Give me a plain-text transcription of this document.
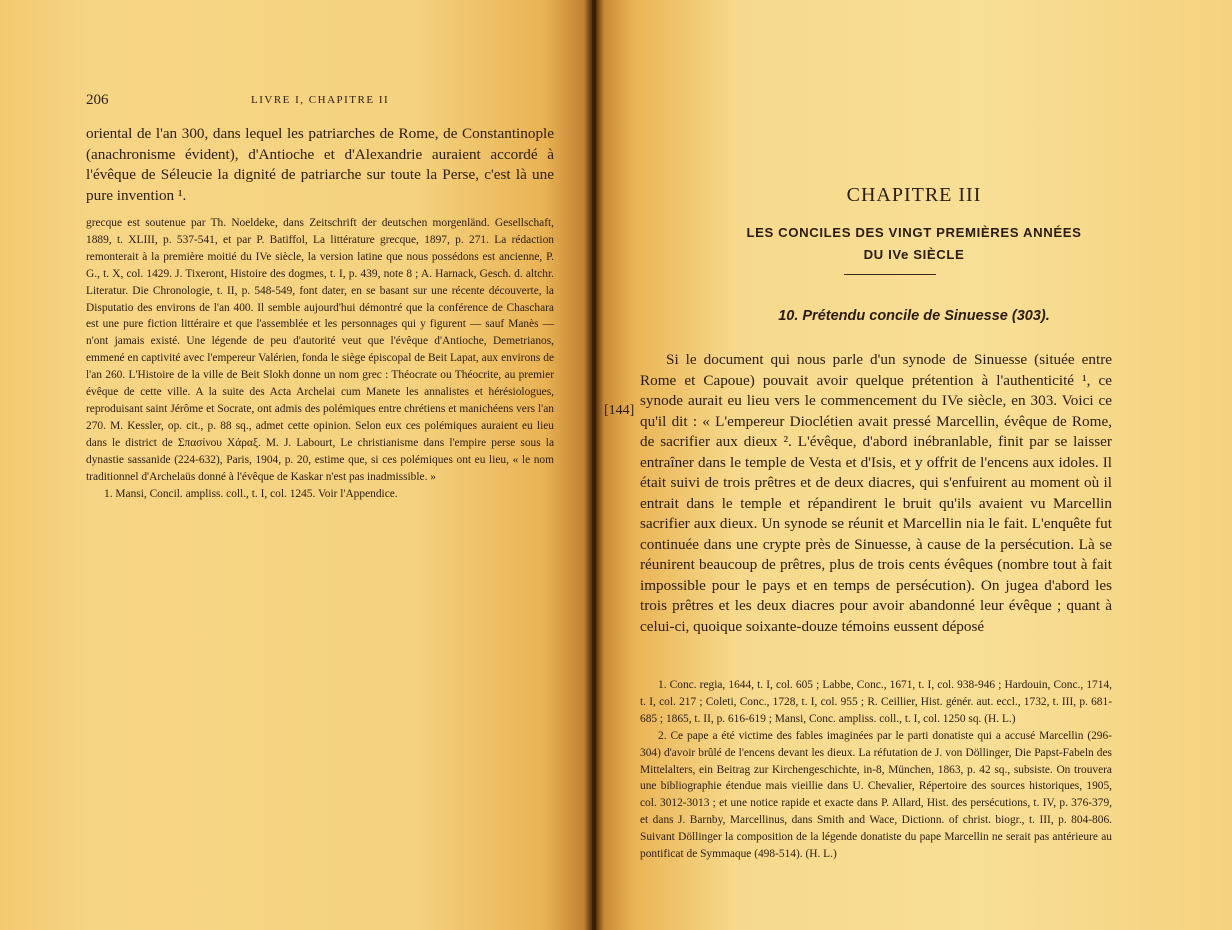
206	LIVRE I, CHAPITRE II

oriental de l'an 300, dans lequel les patriarches de Rome, de Constantinople (anachronisme évident), d'Antioche et d'Alexandrie auraient accordé à l'évêque de Séleucie la dignité de patriarche sur toute la Perse, c'est là une pure invention ¹.

grecque est soutenue par Th. Noeldeke, dans Zeitschrift der deutschen morgenländ. Gesellschaft, 1889, t. XLIII, p. 537-541, et par P. Batiffol, La littérature grecque, 1897, p. 271. La rédaction remonterait à la première moitié du IVe siècle, la version latine que nous possédons est ancienne, P. G., t. X, col. 1429. J. Tixeront, Histoire des dogmes, t. I, p. 439, note 8 ; A. Harnack, Gesch. d. altchr. Literatur. Die Chronologie, t. II, p. 548-549, font dater, en se basant sur une récente découverte, la Disputatio des environs de l'an 400. Il semble aujourd'hui démontré que la conférence de Chaschara est une pure fiction littéraire et que l'assemblée et les personnages qui y figurent — sauf Manès — n'ont jamais existé. Une légende de peu d'autorité veut que l'évêque d'Antioche, Demetrianos, emmené en captivité avec l'empereur Valérien, fonda le siège épiscopal de Beit Lapat, aux environs de l'an 260. L'Histoire de la ville de Beit Slokh donne un nom grec : Théocrate ou Théocrite, au premier évêque de cette ville. A la suite des Acta Archelai cum Manete les annalistes et hérésiologues, reproduisant saint Jérôme et Socrate, ont admis des polémiques entre chrétiens et manichéens vers l'an 270. M. Kessler, op. cit., p. 88 sq., admet cette opinion. Selon eux ces polémiques auraient eu lieu dans le district de Σπασίνου Χάραξ. M. J. Labourt, Le christianisme dans l'empire perse sous la dynastie sassanide (224-632), Paris, 1904, p. 20, estime que, si ces polémiques ont eu lieu, « le nom traditionnel d'Archelaüs donné à l'évêque de Kaskar n'est pas inadmissible. »

1. Mansi, Concil. ampliss. coll., t. I, col. 1245. Voir l'Appendice.

CHAPITRE III
LES CONCILES DES VINGT PREMIÈRES ANNÉES
DU IVe SIÈCLE
10. Prétendu concile de Sinuesse (303).
[144]

Si le document qui nous parle d'un synode de Sinuesse (située entre Rome et Capoue) pouvait avoir quelque prétention à l'authenticité ¹, ce synode aurait eu lieu vers le commencement du IVe siècle, en 303. Voici ce qu'il dit : « L'empereur Dioclétien avait pressé Marcellin, évêque de Rome, de sacrifier aux dieux ². L'évêque, d'abord inébranlable, finit par se laisser entraîner dans le temple de Vesta et d'Isis, et y offrit de l'encens aux idoles. Il était suivi de trois prêtres et de deux diacres, qui s'enfuirent au moment où il entrait dans le temple et répandirent le bruit qu'ils avaient vu Marcellin sacrifier aux dieux. Un synode se réunit et Marcellin nia le fait. L'enquête fut continuée dans une crypte près de Sinuesse, à cause de la persécution. Là se réunirent beaucoup de prêtres, plus de trois cents évêques (nombre tout à fait impossible pour le pays et en temps de persécution). On jugea d'abord les trois prêtres et les deux diacres pour avoir abandonné leur évêque ; quant à celui-ci, quoique soixante-douze témoins eussent déposé

1. Conc. regia, 1644, t. I, col. 605 ; Labbe, Conc., 1671, t. I, col. 938-946 ; Hardouin, Conc., 1714, t. I, col. 217 ; Coleti, Conc., 1728, t. I, col. 955 ; R. Ceillier, Hist. génér. aut. eccl., 1732, t. III, p. 681-685 ; 1865, t. II, p. 616-619 ; Mansi, Conc. ampliss. coll., t. I, col. 1250 sq. (H. L.)

2. Ce pape a été victime des fables imaginées par le parti donatiste qui a accusé Marcellin (296-304) d'avoir brûlé de l'encens devant les dieux. La réfutation de J. von Döllinger, Die Papst-Fabeln des Mittelalters, ein Beitrag zur Kirchengeschichte, in-8, München, 1863, p. 42 sq., subsiste. On trouvera une bibliographie étendue mais vieillie dans U. Chevalier, Répertoire des sources historiques, 1905, col. 3012-3013 ; et une notice rapide et exacte dans P. Allard, Hist. des persécutions, t. IV, p. 376-379, et dans J. Barnby, Marcellinus, dans Smith and Wace, Dictionn. of christ. biogr., t. III, p. 804-806. Suivant Döllinger la composition de la légende donatiste du pape Marcellin ne serait pas antérieure au pontificat de Symmaque (498-514). (H. L.)
